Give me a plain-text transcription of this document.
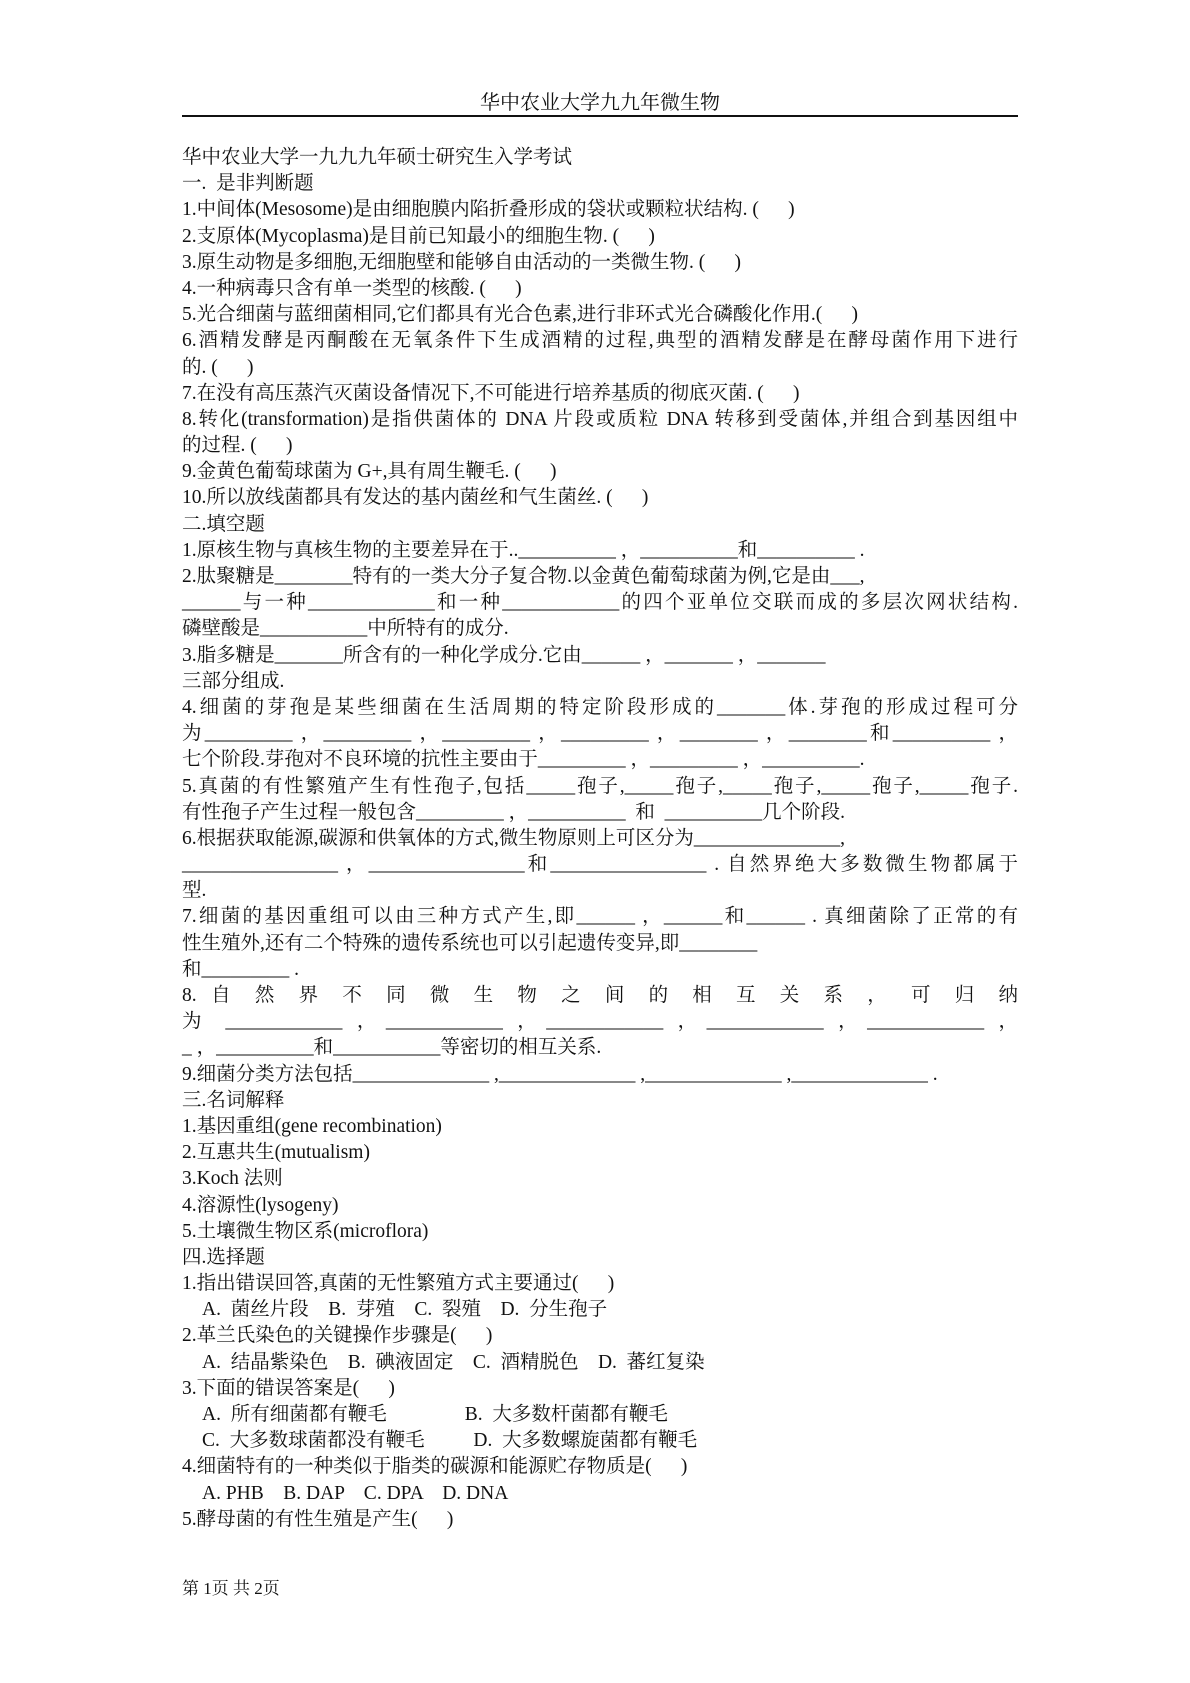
华中农业大学九九年微生物
华中农业大学一九九九年硕士研究生入学考试
一.  是非判断题
1.中间体(Mesosome)是由细胞膜内陷折叠形成的袋状或颗粒状结构. (      )
2.支原体(Mycoplasma)是目前已知最小的细胞生物. (      )
3.原生动物是多细胞,无细胞壁和能够自由活动的一类微生物. (      )
4.一种病毒只含有单一类型的核酸. (      )
5.光合细菌与蓝细菌相同,它们都具有光合色素,进行非环式光合磷酸化作用.(      )
6.酒精发酵是丙酮酸在无氧条件下生成酒精的过程,典型的酒精发酵是在酵母菌作用下进行
的. (      )
7.在没有高压蒸汽灭菌设备情况下,不可能进行培养基质的彻底灭菌. (      )
8.转化(transformation)是指供菌体的 DNA 片段或质粒 DNA 转移到受菌体,并组合到基因组中
的过程. (      )
9.金黄色葡萄球菌为 G+,具有周生鞭毛. (      )
10.所以放线菌都具有发达的基内菌丝和气生菌丝. (      )
二.填空题
1.原核生物与真核生物的主要差异在于..__________ ，__________和__________ .
2.肽聚糖是________特有的一类大分子复合物.以金黄色葡萄球菌为例,它是由___,
______与一种_____________和一种____________的四个亚单位交联而成的多层次网状结构.
磷壁酸是___________中所特有的成分.
3.脂多糖是_______所含有的一种化学成分.它由______ ，_______ ，_______
三部分组成.
4.细菌的芽孢是某些细菌在生活周期的特定阶段形成的_______体.芽孢的形成过程可分
为_________ ，_________ ，_________ ，_________ ，________ ，________和__________ ，
七个阶段.芽孢对不良环境的抗性主要由于_________ ，_________ ，__________.
5.真菌的有性繁殖产生有性孢子,包括_____孢子,_____孢子,_____孢子,_____孢子,_____孢子.
有性孢子产生过程一般包含_________ ，__________  和  __________几个阶段.
6.根据获取能源,碳源和供氧体的方式,微生物原则上可区分为_______________,
________________ ，________________和________________ . 自然界绝大多数微生物都属于
型.
7.细菌的基因重组可以由三种方式产生,即______ ，______和______ . 真细菌除了正常的有
性生殖外,还有二个特殊的遗传系统也可以引起遗传变异,即________
和_________ .
8. 自 然 界 不 同 微 生 物 之 间 的 相 互 关 系 ， 可 归 纳
为 ____________ ，____________ ，____________ ，____________ ，____________ ，
_ ，__________和___________等密切的相互关系.
9.细菌分类方法包括______________ ,______________ ,______________ ,______________ .
三.名词解释
1.基因重组(gene recombination)
2.互惠共生(mutualism)
3.Koch 法则
4.溶源性(lysogeny)
5.土壤微生物区系(microflora)
四.选择题
1.指出错误回答,真菌的无性繁殖方式主要通过(      )
A.  菌丝片段    B.  芽殖    C.  裂殖    D.  分生孢子
2.革兰氏染色的关键操作步骤是(      )
A.  结晶紫染色    B.  碘液固定    C.  酒精脱色    D.  蕃红复染
3.下面的错误答案是(      )
A.  所有细菌都有鞭毛                B.  大多数杆菌都有鞭毛
C.  大多数球菌都没有鞭毛          D.  大多数螺旋菌都有鞭毛
4.细菌特有的一种类似于脂类的碳源和能源贮存物质是(      )
A. PHB    B. DAP    C. DPA    D. DNA
5.酵母菌的有性生殖是产生(      )
第 1页 共 2页
